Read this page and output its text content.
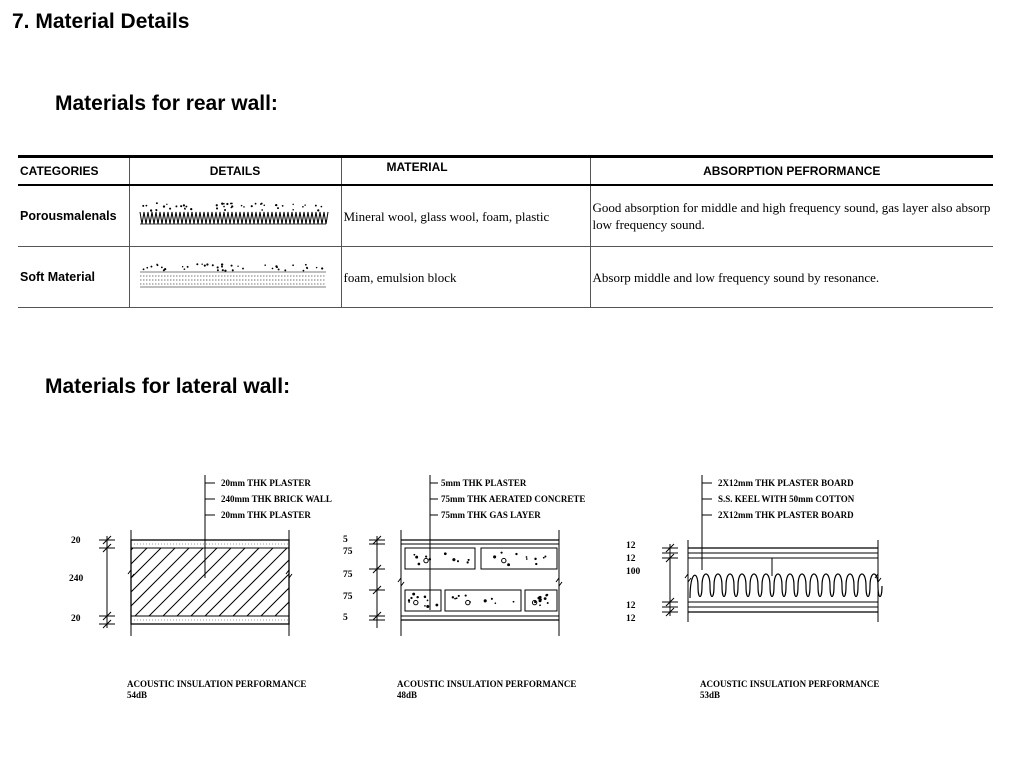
7. Material Details
Materials for rear wall:
CATEGORIES	DETAILS	MATERIAL	ABSORPTION PEFRORMANCE
Porousmalenals		Mineral wool, glass wool, foam, plastic	Good absorption for middle and high frequency sound, gas layer also absorp low frequency sound.
Soft Material		foam, emulsion block	Absorp middle and low frequency sound by resonance.
Materials for lateral wall:
20mm THK PLASTER
240mm THK BRICK WALL
20mm THK PLASTER
20
240
20
ACOUSTIC INSULATION PERFORMANCE
54dB
5mm THK PLASTER
75mm THK AERATED CONCRETE
75mm THK GAS LAYER
5
75
75
75
5
ACOUSTIC INSULATION PERFORMANCE
48dB
2X12mm THK PLASTER BOARD
S.S. KEEL WITH 50mm COTTON
2X12mm THK PLASTER BOARD
12
12
100
12
12
ACOUSTIC INSULATION PERFORMANCE
53dB
